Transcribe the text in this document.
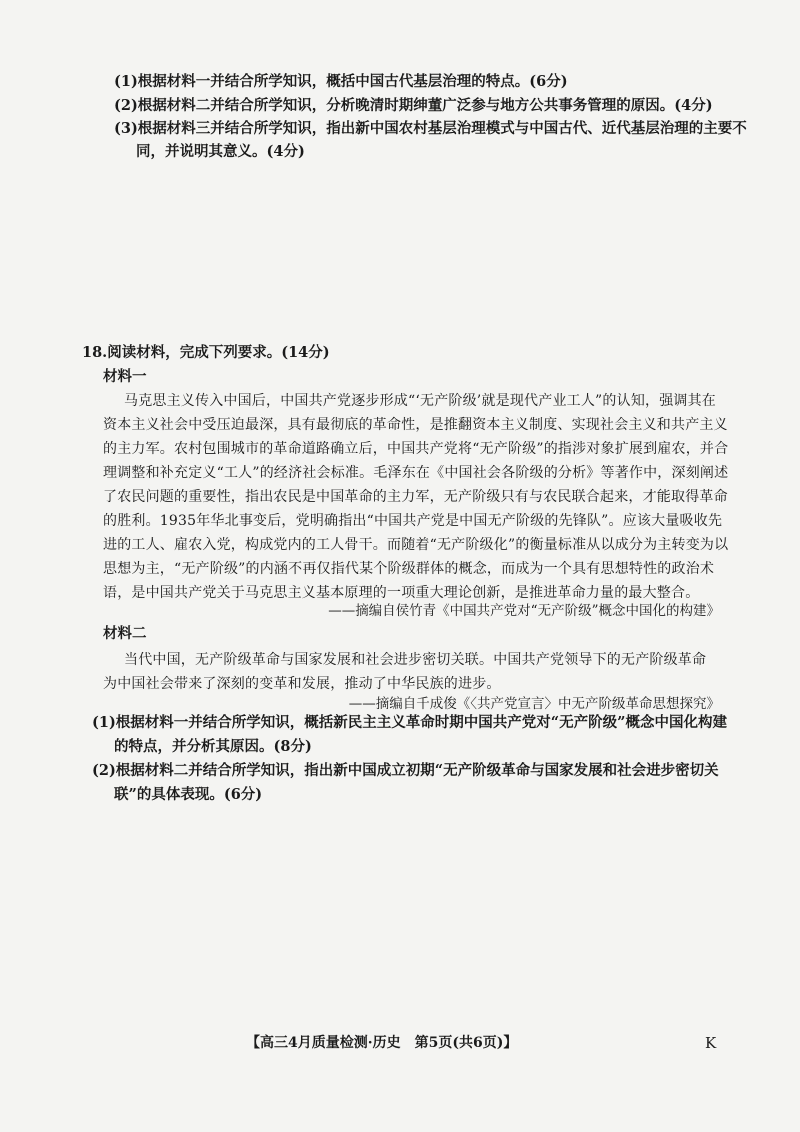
(1)根据材料一并结合所学知识，概括中国古代基层治理的特点。(6分)
(2)根据材料二并结合所学知识，分析晚清时期绅董广泛参与地方公共事务管理的原因。(4分)
(3)根据材料三并结合所学知识，指出新中国农村基层治理模式与中国古代、近代基层治理的主要不
同，并说明其意义。(4分)
18.阅读材料，完成下列要求。(14分)
材料一
马克思主义传入中国后，中国共产党逐步形成“‘无产阶级’就是现代产业工人”的认知，强调其在
资本主义社会中受压迫最深，具有最彻底的革命性，是推翻资本主义制度、实现社会主义和共产主义
的主力军。农村包围城市的革命道路确立后，中国共产党将“无产阶级”的指涉对象扩展到雇农，并合
理调整和补充定义“工人”的经济社会标准。毛泽东在《中国社会各阶级的分析》等著作中，深刻阐述
了农民问题的重要性，指出农民是中国革命的主力军，无产阶级只有与农民联合起来，才能取得革命
的胜利。1935年华北事变后，党明确指出“中国共产党是中国无产阶级的先锋队”。应该大量吸收先
进的工人、雇农入党，构成党内的工人骨干。而随着“无产阶级化”的衡量标准从以成分为主转变为以
思想为主，“无产阶级”的内涵不再仅指代某个阶级群体的概念，而成为一个具有思想特性的政治术
语，是中国共产党关于马克思主义基本原理的一项重大理论创新，是推进革命力量的最大整合。
——摘编自侯竹青《中国共产党对“无产阶级”概念中国化的构建》
材料二
当代中国，无产阶级革命与国家发展和社会进步密切关联。中国共产党领导下的无产阶级革命
为中国社会带来了深刻的变革和发展，推动了中华民族的进步。
——摘编自千成俊《〈共产党宣言〉中无产阶级革命思想探究》
(1)根据材料一并结合所学知识，概括新民主主义革命时期中国共产党对“无产阶级”概念中国化构建
的特点，并分析其原因。(8分)
(2)根据材料二并结合所学知识，指出新中国成立初期“无产阶级革命与国家发展和社会进步密切关
联”的具体表现。(6分)
【高三4月质量检测·历史　第5页(共6页)】	K
